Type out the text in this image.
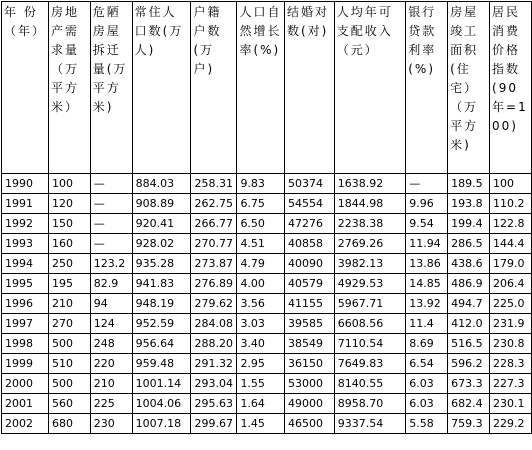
年 份（年）	房地产需求量（万平方米）	危陋房屋拆迁量(万平方米)	常住人口数(万人)	户籍户数(万户)	人口自然增长率(%)	结婚对数(对)	人均年可支配收入（元）	银行贷款利率(%)	房屋竣工面积(住宅）（万平方米)	居民消费价格指数(90年=100)
1990	100	—	884.03	258.31	9.83	50374	1638.92	—	189.5	100
1991	120	—	908.89	262.75	6.75	54554	1844.98	9.96	193.8	110.2
1992	150	—	920.41	266.77	6.50	47276	2238.38	9.54	199.4	122.8
1993	160	—	928.02	270.77	4.51	40858	2769.26	11.94	286.5	144.4
1994	250	123.2	935.28	273.87	4.79	40090	3982.13	13.86	438.6	179.0
1995	195	82.9	941.83	276.89	4.00	40579	4929.53	14.85	486.9	206.4
1996	210	94	948.19	279.62	3.56	41155	5967.71	13.92	494.7	225.0
1997	270	124	952.59	284.08	3.03	39585	6608.56	11.4	412.0	231.9
1998	500	248	956.64	288.20	3.40	38549	7110.54	8.69	516.5	230.8
1999	510	220	959.48	291.32	2.95	36150	7649.83	6.54	596.2	228.3
2000	500	210	1001.14	293.04	1.55	53000	8140.55	6.03	673.3	227.3
2001	560	225	1004.06	295.63	1.64	49000	8958.70	6.03	682.4	230.1
2002	680	230	1007.18	299.67	1.45	46500	9337.54	5.58	759.3	229.2
